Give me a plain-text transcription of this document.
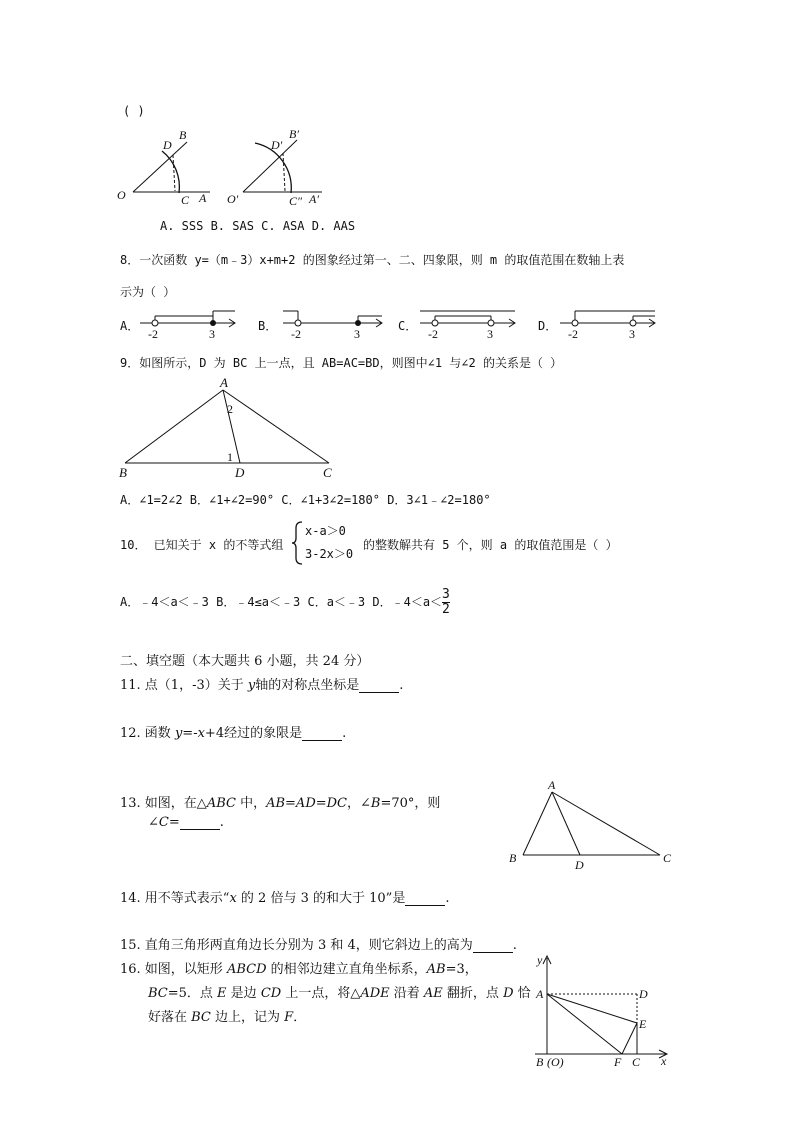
( )
O
D
B
C A O′
D′
B′
C″ A′
A. SSS B. SAS C. ASA D. AAS
8．一次函数 y=（m﹣3）x+m+2 的图象经过第一、二、四象限，则 m 的取值范围在数轴上表
示为（ ）
A．
-2	3
B．
-2	3
C．
-2	3
D．
-2	3
9．如图所示，D 为 BC 上一点，且 AB=AC=BD，则图中∠1 与∠2 的关系是（ ）
A
2
1
B	D	C
A．∠1=2∠2 B．∠1+∠2=90° C．∠1+3∠2=180° D．3∠1﹣∠2=180°
10． 已知关于 x 的不等式组
x-a＞0
3-2x＞0
的整数解共有 5 个，则 a 的取值范围是（ ）
A．﹣4＜a＜﹣3 B．﹣4≤a＜﹣3 C．a＜﹣3 D．﹣4＜a＜ $\frac{3}{2}$
二、填空题（本大题共 6 小题，共 24 分）
11. 点（1，-3）关于 y轴的对称点坐标是	.
12. 函数 y=-x+4经过的象限是	.
13. 如图，在△ABC 中，AB=AD=DC，∠B=70°，则
∠C=	.
A
B	D	C
14. 用不等式表示“x 的 2 倍与 3 的和大于 10”是	.
15. 直角三角形两直角边长分别为 3 和 4，则它斜边上的高为	.
16. 如图，以矩形 ABCD 的相邻边建立直角坐标系，AB=3，
BC=5．点 E 是边 CD 上一点，将△ADE 沿着 AE 翻折，点 D 恰
好落在 BC 边上，记为 F．
y
x
A	D
E
B (O)	F C
